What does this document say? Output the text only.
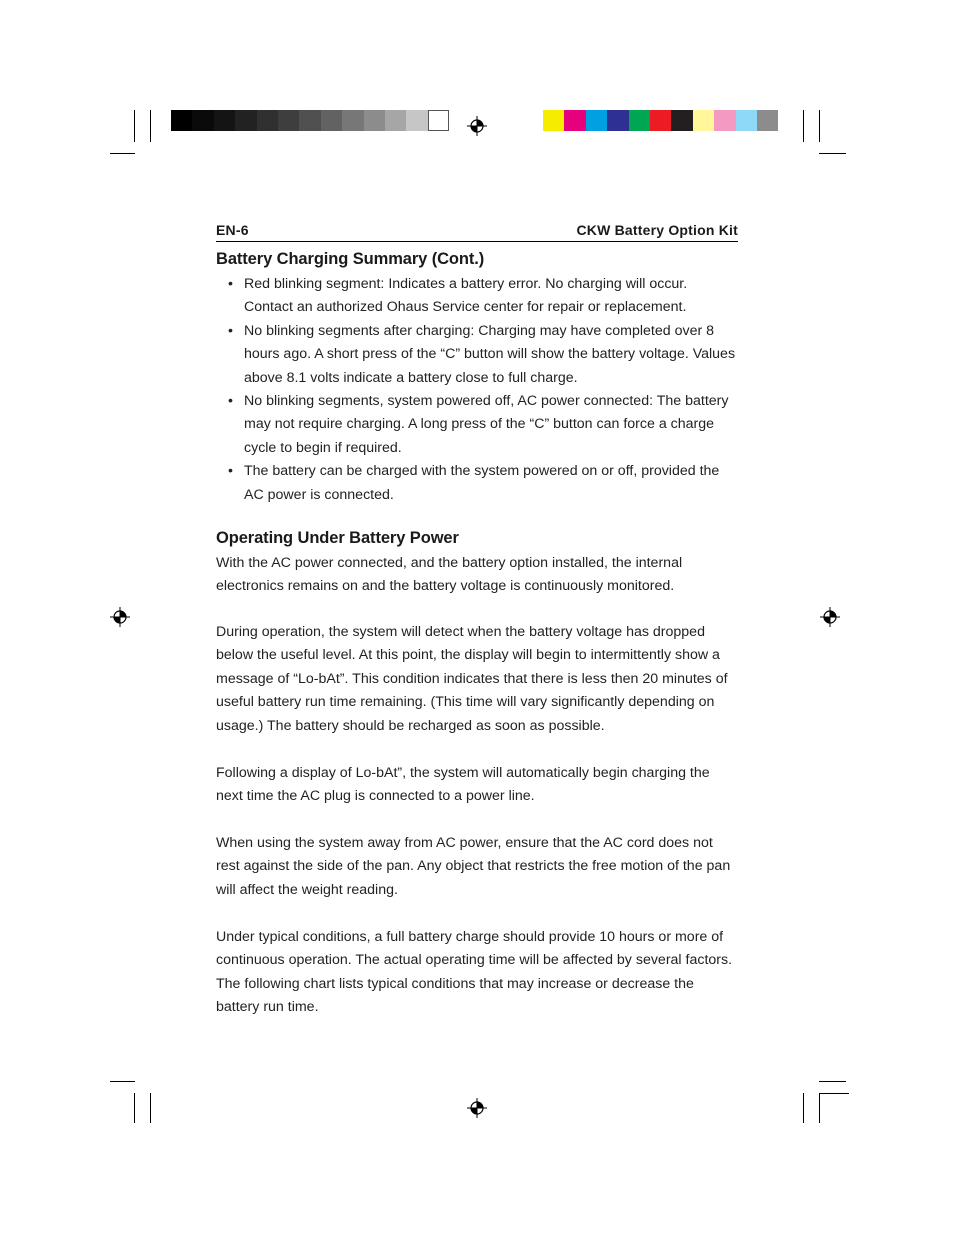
EN-6	CKW Battery Option Kit
Battery Charging Summary (Cont.)
• Red blinking segment: Indicates a battery error. No charging will occur. Contact an authorized Ohaus Service center for repair or replacement.
• No blinking segments after charging: Charging may have completed over 8 hours ago. A short press of the “C” button will show the battery voltage. Values above 8.1 volts indicate a battery close to full charge.
• No blinking segments, system powered off, AC power connected: The battery may not require charging. A long press of the “C” button can force a charge cycle to begin if required.
• The battery can be charged with the system powered on or off, provided the AC power is connected.
Operating Under Battery Power

With the AC power connected, and the battery option installed, the internal electronics remains on and the battery voltage is continuously monitored.

During operation, the system will detect when the battery voltage has dropped below the useful level. At this point, the display will begin to intermittently show a message of “Lo-bAt”. This condition indicates that there is less then 20 minutes of useful battery run time remaining. (This time will vary significantly depending on usage.) The battery should be recharged as soon as possible.

Following a display of Lo-bAt”, the system will automatically begin charging the next time the AC plug is connected to a power line.

When using the system away from AC power, ensure that the AC cord does not rest against the side of the pan. Any object that restricts the free motion of the pan will affect the weight reading.

Under typical conditions, a full battery charge should provide 10 hours or more of continuous operation. The actual operating time will be affected by several factors. The following chart lists typical conditions that may increase or decrease the battery run time.
